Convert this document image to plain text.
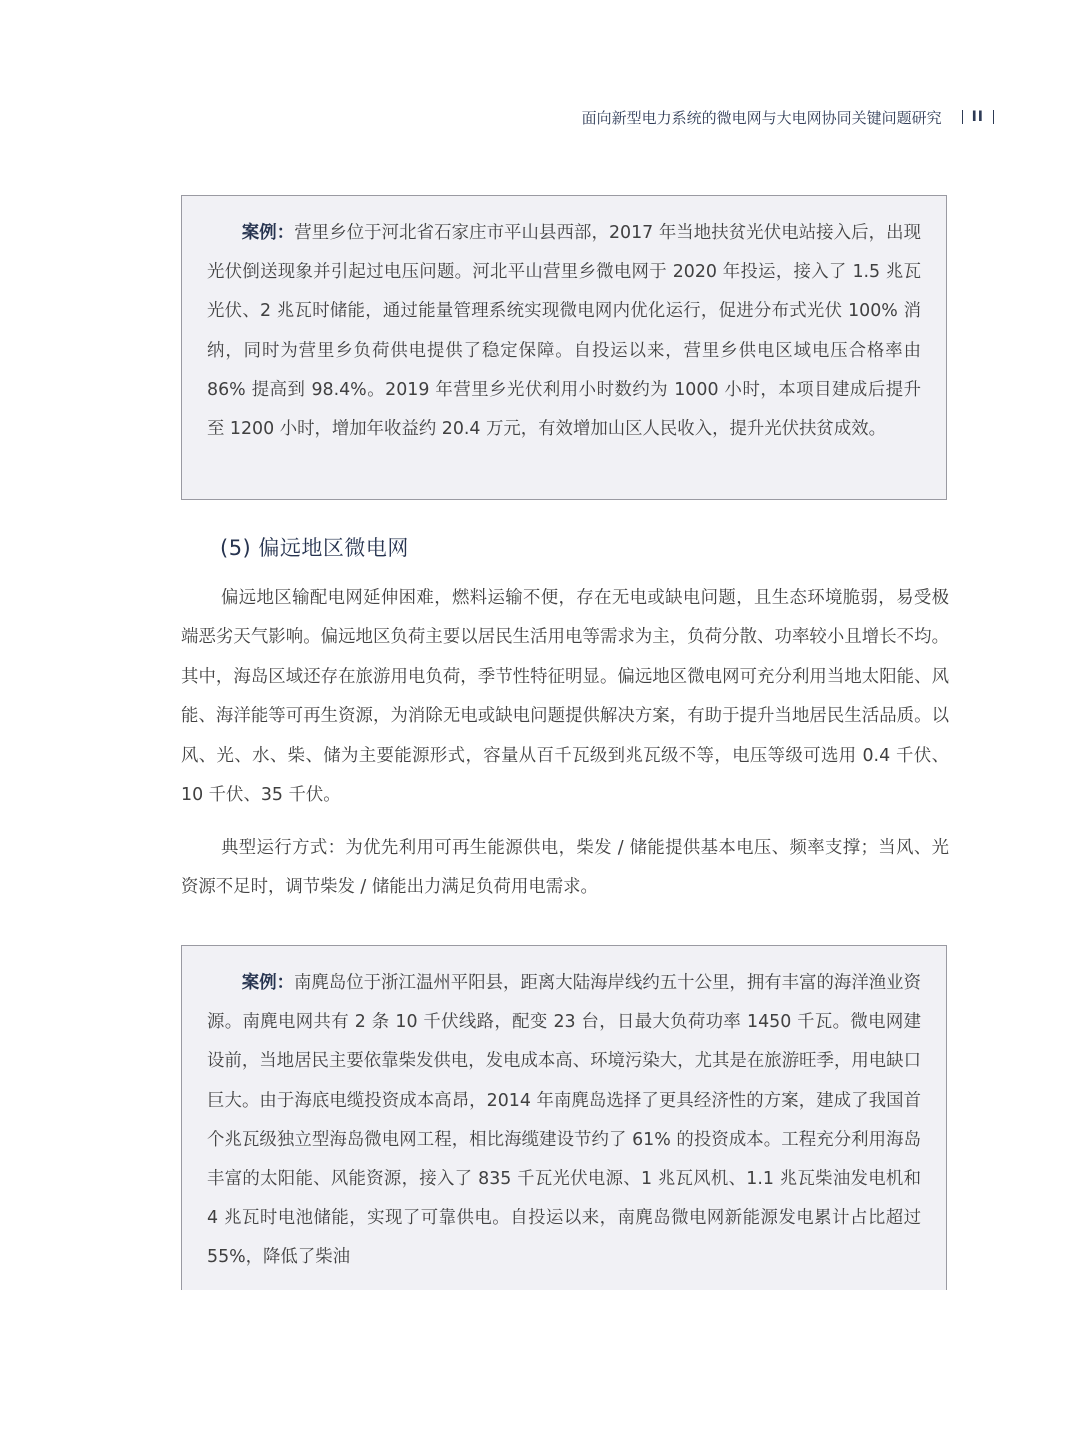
面向新型电力系统的微电网与大电网协同关键问题研究 II

案例：营里乡位于河北省石家庄市平山县西部，2017 年当地扶贫光伏电站接入后，出现光伏倒送现象并引起过电压问题。河北平山营里乡微电网于 2020 年投运，接入了 1.5 兆瓦光伏、2 兆瓦时储能，通过能量管理系统实现微电网内优化运行，促进分布式光伏 100% 消纳，同时为营里乡负荷供电提供了稳定保障。自投运以来，营里乡供电区域电压合格率由 86% 提高到 98.4%。2019 年营里乡光伏利用小时数约为 1000 小时，本项目建成后提升至 1200 小时，增加年收益约 20.4 万元，有效增加山区人民收入，提升光伏扶贫成效。

(5) 偏远地区微电网

偏远地区输配电网延伸困难，燃料运输不便，存在无电或缺电问题，且生态环境脆弱，易受极端恶劣天气影响。偏远地区负荷主要以居民生活用电等需求为主，负荷分散、功率较小且增长不均。其中，海岛区域还存在旅游用电负荷，季节性特征明显。偏远地区微电网可充分利用当地太阳能、风能、海洋能等可再生资源，为消除无电或缺电问题提供解决方案，有助于提升当地居民生活品质。以风、光、水、柴、储为主要能源形式，容量从百千瓦级到兆瓦级不等，电压等级可选用 0.4 千伏、10 千伏、35 千伏。

典型运行方式：为优先利用可再生能源供电，柴发 / 储能提供基本电压、频率支撑；当风、光资源不足时，调节柴发 / 储能出力满足负荷用电需求。

案例：南麂岛位于浙江温州平阳县，距离大陆海岸线约五十公里，拥有丰富的海洋渔业资源。南麂电网共有 2 条 10 千伏线路，配变 23 台，日最大负荷功率 1450 千瓦。微电网建设前，当地居民主要依靠柴发供电，发电成本高、环境污染大，尤其是在旅游旺季，用电缺口巨大。由于海底电缆投资成本高昂，2014 年南麂岛选择了更具经济性的方案，建成了我国首个兆瓦级独立型海岛微电网工程，相比海缆建设节约了 61% 的投资成本。工程充分利用海岛丰富的太阳能、风能资源，接入了 835 千瓦光伏电源、1 兆瓦风机、1.1 兆瓦柴油发电机和 4 兆瓦时电池储能，实现了可靠供电。自投运以来，南麂岛微电网新能源发电累计占比超过 55%，降低了柴油
